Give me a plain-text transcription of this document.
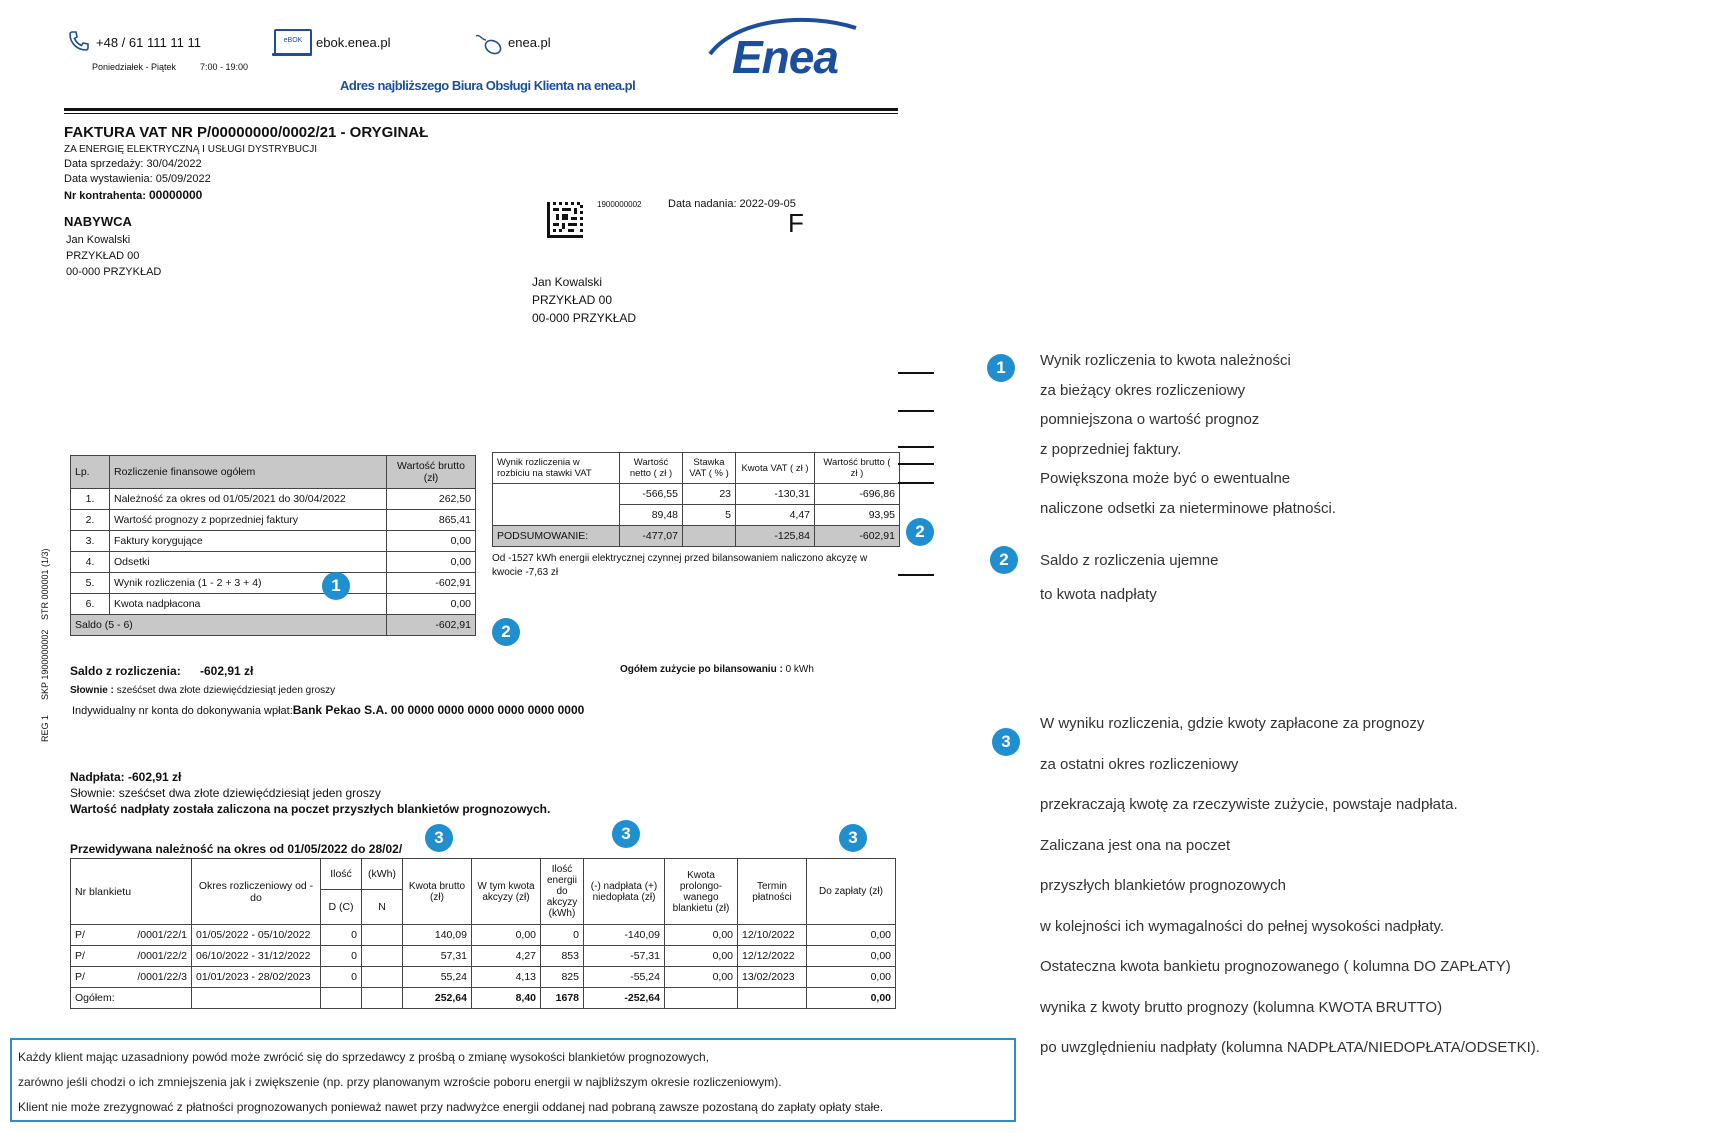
+48 / 61 111 11 11
Poniedziałek - Piątek	7:00 - 19:00
eBOK	ebok.enea.pl	enea.pl
Adres najbliższego Biura Obsługi Klienta na enea.pl
Enea
FAKTURA VAT NR P/00000000/0002/21 - ORYGINAŁ
ZA ENERGIĘ ELEKTRYCZNĄ I USŁUGI DYSTRYBUCJI
Data sprzedaży: 30/04/2022
Data wystawienia: 05/09/2022
Nr kontrahenta: 00000000
NABYWCA
Jan Kowalski
PRZYKŁAD 00
00-000 PRZYKŁAD
1900000002 Data nadania: 2022-09-05
F
Jan Kowalski
PRZYKŁAD 00
00-000 PRZYKŁAD
STR 000001 (1/3)
SKP 1900000002
REG 1
Lp.	Rozliczenie finansowe ogółem	Wartość brutto (zł)
1.	Należność za okres od 01/05/2021 do 30/04/2022	262,50
2.	Wartość prognozy z poprzedniej faktury	865,41
3.	Faktury korygujące	0,00
4.	Odsetki	0,00
5.	Wynik rozliczenia (1 - 2 + 3 + 4)	-602,91
6.	Kwota nadpłacona	0,00
Saldo (5 - 6)		-602,91
Wynik rozliczenia w rozbiciu na stawki VAT	Wartość netto ( zł )	Stawka VAT ( % )	Kwota VAT ( zł )	Wartość brutto ( zł )
	-566,55	23	-130,31	-696,86
	89,48	5	4,47	93,95
PODSUMOWANIE:	-477,07		-125,84	-602,91
Od -1527 kWh energii elektrycznej czynnej przed bilansowaniem naliczono akcyzę w kwocie -7,63 zł
Saldo z rozliczenia: -602,91 zł	Ogółem zużycie po bilansowaniu : 0 kWh
Słownie : sześćset dwa złote dziewięćdziesiąt jeden groszy
Indywidualny nr konta do dokonywania wpłat:Bank Pekao S.A. 00 0000 0000 0000 0000 0000 0000
Nadpłata: -602,91 zł
Słownie: sześćset dwa złote dziewięćdziesiąt jeden groszy
Wartość nadpłaty została zaliczona na poczet przyszłych blankietów prognozowych.
Przewidywana należność na okres od 01/05/2022 do 28/02/
Nr blankietu	Okres rozliczeniowy od - do	Ilość	(kWh)	Kwota brutto (zł)	W tym kwota akcyzy (zł)	Ilość energii do akcyzy (kWh)	(-) nadpłata (+) niedopłata (zł)	Kwota prolongo-wanego blankietu (zł)	Termin płatności	Do zapłaty (zł)
		D (C)	N							
P/ /0001/22/1	01/05/2022 - 05/10/2022	0		140,09	0,00	0	-140,09	0,00	12/10/2022	0,00
P/ /0001/22/2	06/10/2022 - 31/12/2022	0		57,31	4,27	853	-57,31	0,00	12/12/2022	0,00
P/ /0001/22/3	01/01/2023 - 28/02/2023	0		55,24	4,13	825	-55,24	0,00	13/02/2023	0,00
Ogółem:				252,64	8,40	1678	-252,64			0,00
Każdy klient mając uzasadniony powód może zwrócić się do sprzedawcy z prośbą o zmianę wysokości blankietów prognozowych,
zarówno jeśli chodzi o ich zmniejszenia jak i zwiększenie (np. przy planowanym wzroście poboru energii w najbliższym okresie rozliczeniowym).
Klient nie może zrezygnować z płatności prognozowanych ponieważ nawet przy nadwyżce energii oddanej nad pobraną zawsze pozostaną do zapłaty opłaty stałe.
1
2
2
3	3	3
1	Wynik rozliczenia to kwota należności
za bieżący okres rozliczeniowy
pomniejszona o wartość prognoz
z poprzedniej faktury.
Powiększona może być o ewentualne
naliczone odsetki za nieterminowe płatności.
2	Saldo z rozliczenia ujemne
to kwota nadpłaty
3
W wyniku rozliczenia, gdzie kwoty zapłacone za prognozy
za ostatni okres rozliczeniowy
przekraczają kwotę za rzeczywiste zużycie, powstaje nadpłata.
Zaliczana jest ona na poczet
przyszłych blankietów prognozowych
w kolejności ich wymagalności do pełnej wysokości nadpłaty.
Ostateczna kwota bankietu prognozowanego ( kolumna DO ZAPŁATY)
wynika z kwoty brutto prognozy (kolumna KWOTA BRUTTO)
po uwzględnieniu nadpłaty (kolumna NADPŁATA/NIEDOPŁATA/ODSETKI).
